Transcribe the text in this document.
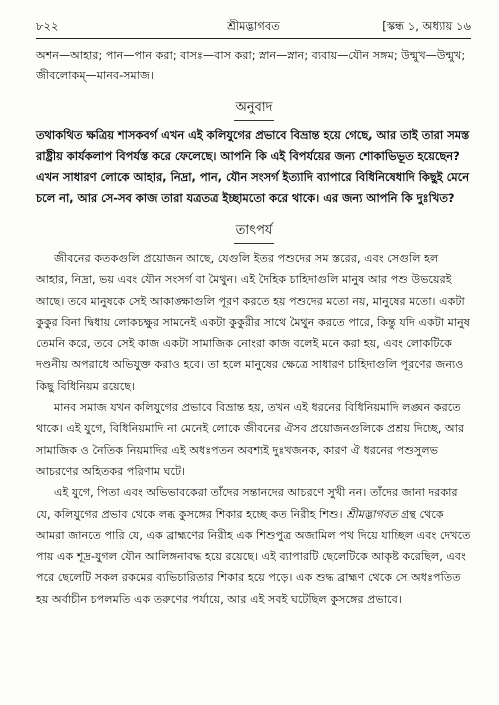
৮২২	শ্রীমদ্ভাগবত	[স্কন্ধ ১, অধ্যায় ১৬

অশন—আহার; পান—পান করা; বাসঃ—বাস করা; স্নান—স্নান; ব্যবায়—যৌন সঙ্গম; উন্মুখ—উন্মুখ; জীবলোকম্—মানব-সমাজ।

অনুবাদ

তথাকথিত ক্ষত্রিয় শাসকবর্গ এখন এই কলিযুগের প্রভাবে বিভ্রান্ত হয়ে গেছে, আর তাই তারা সমস্ত রাষ্ট্রীয় কার্যকলাপ বিপর্যস্ত করে ফেলেছে। আপনি কি এই বিপর্যয়ের জন্য শোকাভিভূত হয়েছেন? এখন সাধারণ লোকে আহার, নিদ্রা, পান, যৌন সংসর্গ ইত্যাদি ব্যাপারে বিধিনিষেধাদি কিছুই মেনে চলে না, আর সে-সব কাজ তারা যত্রতত্র ইচ্ছামতো করে থাকে। এর জন্য আপনি কি দুঃখিত?

তাৎপর্য

জীবনের কতকগুলি প্রয়োজন আছে, যেগুলি ইতর পশুদের সম স্তরের, এবং সেগুলি হল আহার, নিদ্রা, ভয় এবং যৌন সংসর্গ বা মৈথুন। এই দৈহিক চাহিদাগুলি মানুষ আর পশু উভয়েরই আছে। তবে মানুষকে সেই আকাঙ্ক্ষাগুলি পূরণ করতে হয় পশুদের মতো নয়, মানুষের মতো। একটা কুকুর বিনা দ্বিধায় লোকচক্ষুর সামনেই একটা কুকুরীর সাথে মৈথুন করতে পারে, কিন্তু যদি একটা মানুষ তেমনি করে, তবে সেই কাজ একটা সামাজিক নোংরা কাজ বলেই মনে করা হয়, এবং লোকটিকে দণ্ডনীয় অপরাধে অভিযুক্ত করাও হবে। তা হলে মানুষের ক্ষেত্রে সাধারণ চাহিদাগুলি পূরণের জন্যও কিছু বিধিনিয়ম রয়েছে।

মানব সমাজ যখন কলিযুগের প্রভাবে বিভ্রান্ত হয়, তখন এই ধরনের বিধিনিয়মাদি লঙ্ঘন করতে থাকে। এই যুগে, বিধিনিয়মাদি না মেনেই লোকে জীবনের ঐসব প্রয়োজনগুলিকে প্রশ্রয় দিচ্ছে, আর সামাজিক ও নৈতিক নিয়মাদির এই অধঃপতন অবশ্যই দুঃখজনক, কারণ ঐ ধরনের পশুসুলভ আচরণের অহিতকর পরিণাম ঘটে।

এই যুগে, পিতা এবং অভিভাবকেরা তাঁদের সন্তানদের আচরণে সুখী নন। তাঁদের জানা দরকার যে, কলিযুগের প্রভাব থেকে লব্ধ কুসঙ্গের শিকার হচ্ছে কত নিরীহ শিশু। শ্রীমদ্ভাগবত গ্রন্থ থেকে আমরা জানতে পারি যে, এক ব্রাহ্মণের নিরীহ এক শিশুপুত্র অজামিল পথ দিয়ে যাচ্ছিল এবং দেখতে পায় এক শূদ্র-যুগল যৌন আলিঙ্গনাবদ্ধ হয়ে রয়েছে। এই ব্যাপারটি ছেলেটিকে আকৃষ্ট করেছিল, এবং পরে ছেলেটি সকল রকমের ব্যভিচারিতার শিকার হয়ে পড়ে। এক শুদ্ধ ব্রাহ্মণ থেকে সে অধঃপতিত হয় অর্বাচীন চপলমতি এক তরুণের পর্যায়ে, আর এই সবই ঘটেছিল কুসঙ্গের প্রভাবে।
